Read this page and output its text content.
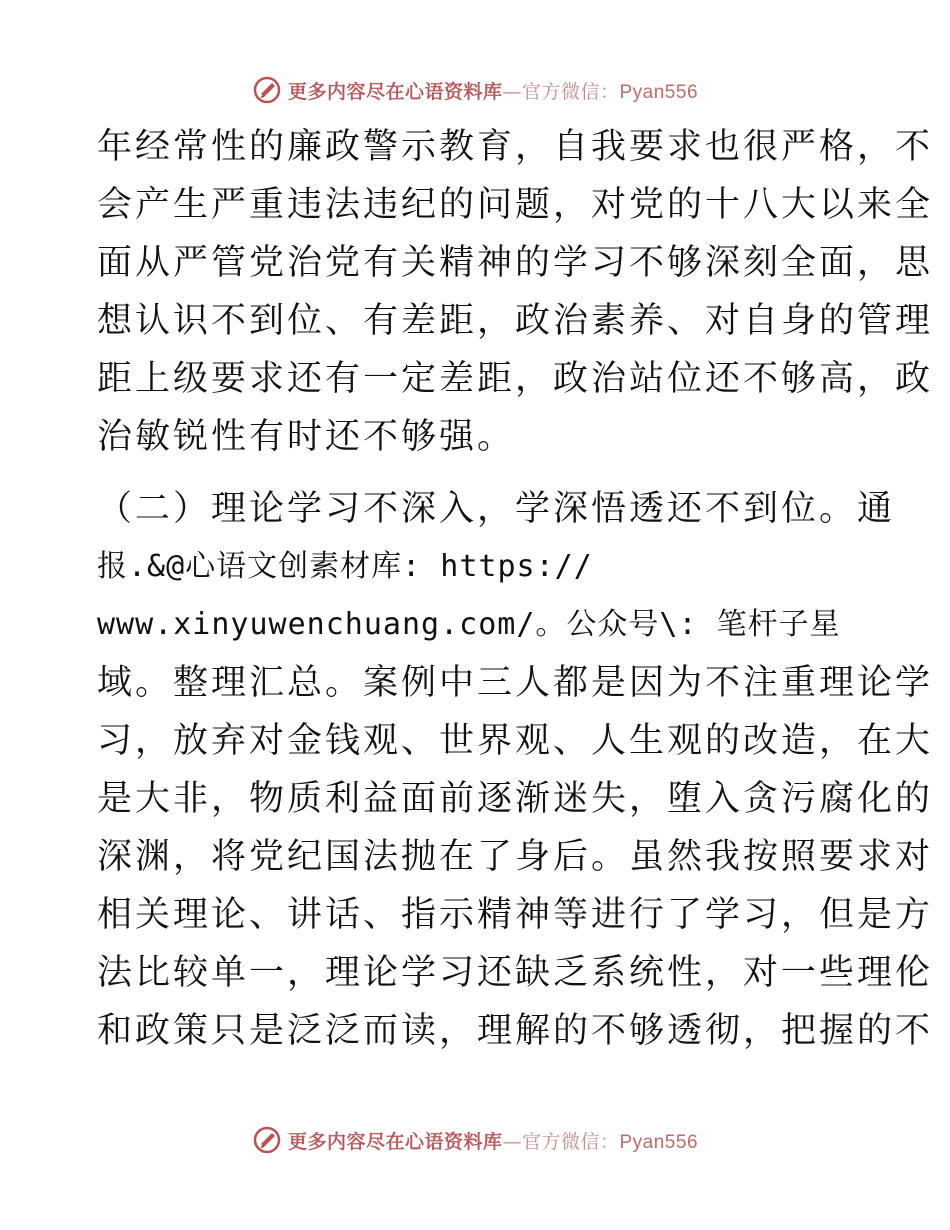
更多内容尽在心语资料库—官方微信：Pyan556
年经常性的廉政警示教育，自我要求也很严格，不
会产生严重违法违纪的问题，对党的十八大以来全
面从严管党治党有关精神的学习不够深刻全面，思
想认识不到位、有差距，政治素养、对自身的管理
距上级要求还有一定差距，政治站位还不够高，政
治敏锐性有时还不够强。
（二）理论学习不深入，学深悟透还不到位。通
报.&@心语文创素材库: https://
www.xinyuwenchuang.com/。公众号\: 笔杆子星
域。整理汇总。案例中三人都是因为不注重理论学
习，放弃对金钱观、世界观、人生观的改造，在大
是大非，物质利益面前逐渐迷失，堕入贪污腐化的
深渊，将党纪国法抛在了身后。虽然我按照要求对
相关理论、讲话、指示精神等进行了学习，但是方
法比较单一，理论学习还缺乏系统性，对一些理伦
和政策只是泛泛而读，理解的不够透彻，把握的不
更多内容尽在心语资料库—官方微信：Pyan556
